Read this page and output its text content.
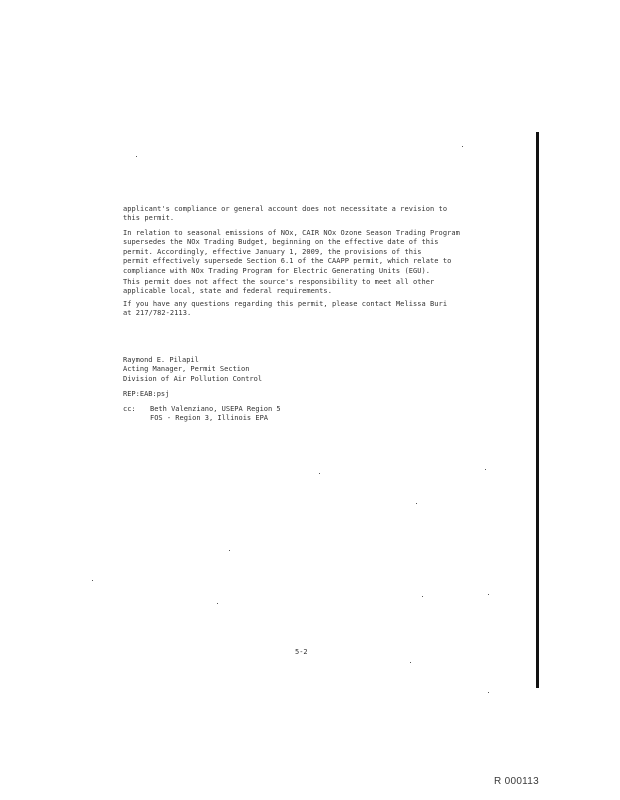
applicant's compliance or general account does not necessitate a revision to
this permit.
In relation to seasonal emissions of NOx, CAIR NOx Ozone Season Trading Program
supersedes the NOx Trading Budget, beginning on the effective date of this
permit. Accordingly, effective January 1, 2009, the provisions of this
permit effectively supersede Section 6.1 of the CAAPP permit, which relate to
compliance with NOx Trading Program for Electric Generating Units (EGU).
This permit does not affect the source's responsibility to meet all other
applicable local, state and federal requirements.
If you have any questions regarding this permit, please contact Melissa Buri
at 217/782-2113.
Raymond E. Pilapil
Acting Manager, Permit Section
Division of Air Pollution Control
REP:EAB:psj
cc:	Beth Valenziano, USEPA Region 5
FOS - Region 3, Illinois EPA
5-2
R 000113
